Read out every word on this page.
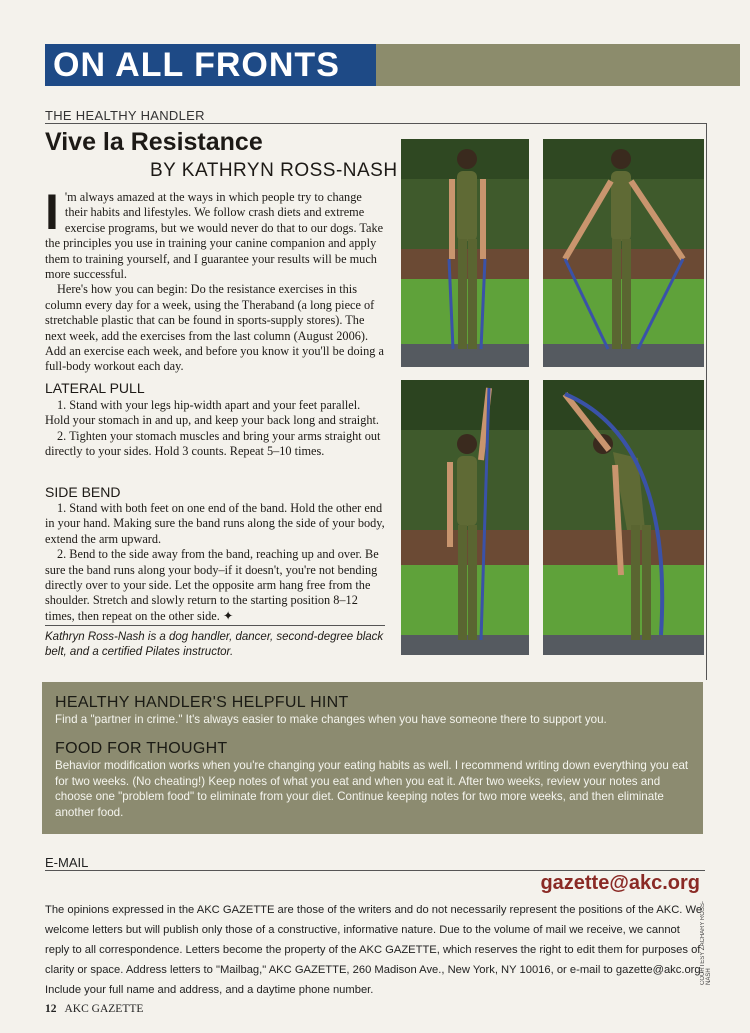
ON ALL FRONTS
THE HEALTHY HANDLER
Vive la Resistance
BY KATHRYN ROSS-NASH

I 'm always amazed at the ways in which people try to change their habits and lifestyles. We follow crash diets and extreme exercise programs, but we would never do that to our dogs. Take the principles you use in training your canine companion and apply them to training yourself, and I guarantee your results will be much more successful.

Here's how you can begin: Do the resistance exercises in this column every day for a week, using the Theraband (a long piece of stretchable plastic that can be found in sports-supply stores). The next week, add the exercises from the last column (August 2006). Add an exercise each week, and before you know it you'll be doing a full-body workout each day.

LATERAL PULL

1. Stand with your legs hip-width apart and your feet parallel. Hold your stomach in and up, and keep your back long and straight.

2. Tighten your stomach muscles and bring your arms straight out directly to your sides. Hold 3 counts. Repeat 5–10 times.

SIDE BEND

1. Stand with both feet on one end of the band. Hold the other end in your hand. Making sure the band runs along the side of your body, extend the arm upward.

2. Bend to the side away from the band, reaching up and over. Be sure the band runs along your body–if it doesn't, you're not bending directly over to your side. Let the opposite arm hang free from the shoulder. Stretch and slowly return to the starting position 8–12 times, then repeat on the other side. ✦

Kathryn Ross-Nash is a dog handler, dancer, second-degree black belt, and a certified Pilates instructor.
HEALTHY HANDLER'S HELPFUL HINT
Find a "partner in crime." It's always easier to make changes when you have someone there to support you.
FOOD FOR THOUGHT
Behavior modification works when you're changing your eating habits as well. I recommend writing down everything you eat for two weeks. (No cheating!) Keep notes of what you eat and when you eat it. After two weeks, review your notes and choose one "problem food" to eliminate from your diet. Continue keeping notes for two more weeks, and then eliminate another food.
E-MAIL
gazette@akc.org
The opinions expressed in the AKC GAZETTE are those of the writers and do not necessarily represent the positions of the AKC. We welcome letters but will publish only those of a constructive, informative nature. Due to the volume of mail we receive, we cannot reply to all correspondence. Letters become the property of the AKC GAZETTE, which reserves the right to edit them for purposes of clarity or space. Address letters to "Mailbag," AKC GAZETTE, 260 Madison Ave., New York, NY 10016, or e-mail to gazette@akc.org. Include your full name and address, and a daytime phone number.
COURTESY ZACHARY ROSS-NASH
12 AKC GAZETTE
